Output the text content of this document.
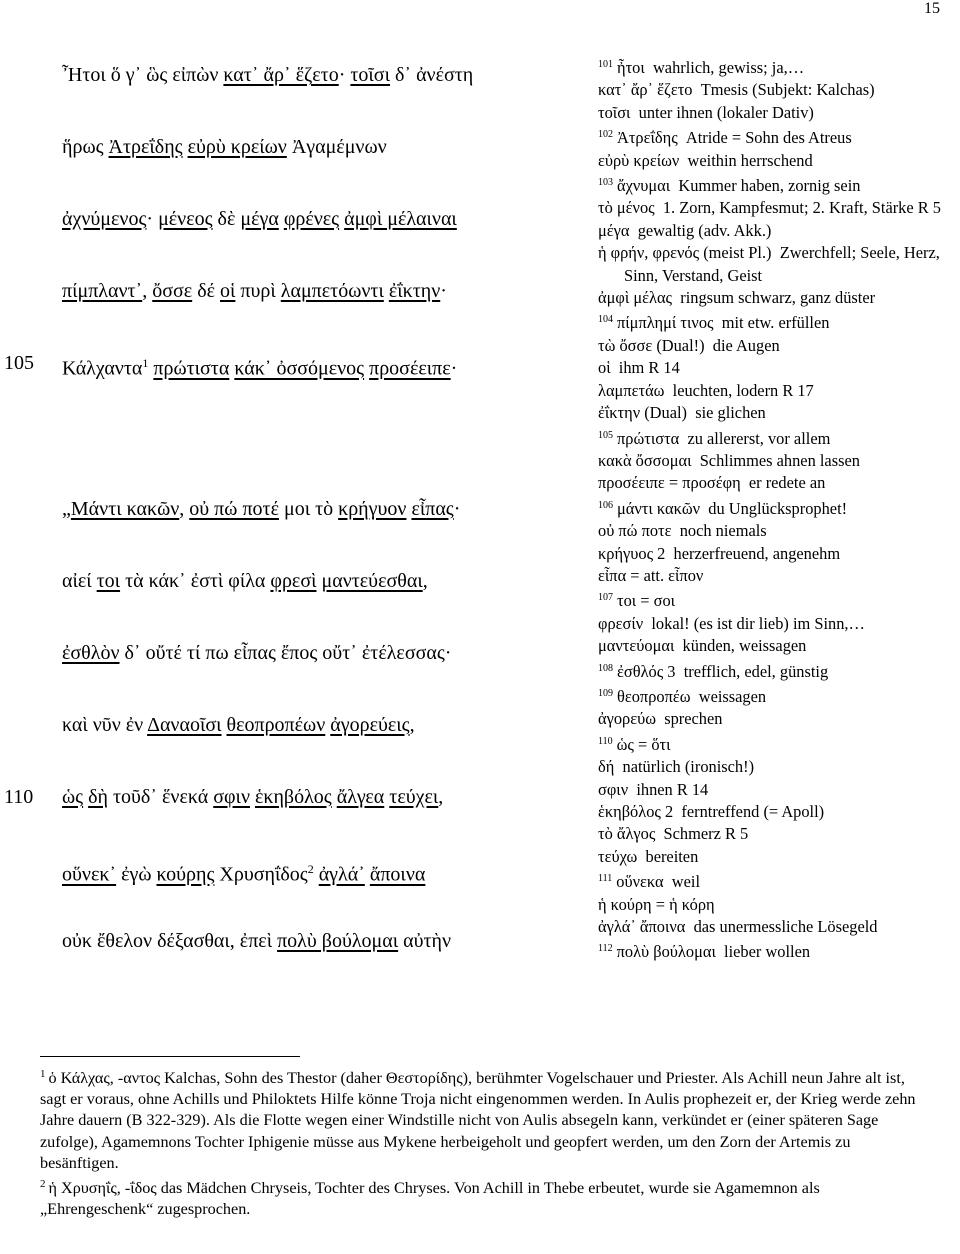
15
Ἦτοι ὅ γ᾽ ὣς εἰπὼν κατ᾽ ἄρ᾽ ἕζετο· τοῖσι δ᾽ ἀνέστη
ἥρως Ἀτρεΐδης εὐρὺ κρείων Ἀγαμέμνων
ἀχνύμενος· μένεος δὲ μέγα φρένες ἀμφὶ μέλαιναι
πίμπλαντ᾽, ὄσσε δέ οἱ πυρὶ λαμπετόωντι ἐΐκτην·
105 Κάλχαντα$^1$ πρώτιστα κάκ᾽ ὀσσόμενος προσέειπε·
„Μάντι κακῶν, οὐ πώ ποτέ μοι τὸ κρήγυον εἶπας·
αἰεί τοι τὰ κάκ᾽ ἐστὶ φίλα φρεσὶ μαντεύεσθαι,
ἐσθλὸν δ᾽ οὔτέ τί πω εἶπας ἔπος οὔτ᾽ ἐτέλεσσας·
καὶ νῦν ἐν Δαναοῖσι θεοπροπέων ἀγορεύεις,
110 ὡς δὴ τοῦδ᾽ ἕνεκά σφιν ἑκηβόλος ἄλγεα τεύχει,
οὕνεκ᾽ ἐγὼ κούρης Χρυσηΐδος$^2$ ἀγλά᾽ ἄποινα
οὐκ ἔθελον δέξασθαι, ἐπεὶ πολὺ βούλομαι αὐτὴν

$^{101}$ ἦτοι  wahrlich, gewiss; ja,…

κατ᾽ ἄρ᾽ ἕζετο  Tmesis (Subjekt: Kalchas)

τοῖσι  unter ihnen (lokaler Dativ)

$^{102}$ Ἀτρεΐδης  Atride = Sohn des Atreus

εὐρὺ κρείων  weithin herrschend

$^{103}$ ἄχνυμαι  Kummer haben, zornig sein

τὸ μένος  1. Zorn, Kampfesmut; 2. Kraft, Stärke R 5

μέγα  gewaltig (adv. Akk.)

ἡ φρήν, φρενός (meist Pl.)  Zwerchfell; Seele, Herz, Sinn, Verstand, Geist

ἀμφὶ μέλας  ringsum schwarz, ganz düster

$^{104}$ πίμπλημί τινος  mit etw. erfüllen

τὼ ὄσσε (Dual!)  die Augen

οἱ  ihm R 14

λαμπετάω  leuchten, lodern R 17

ἐΐκτην (Dual)  sie glichen

$^{105}$ πρώτιστα  zu allererst, vor allem

κακὰ ὄσσομαι  Schlimmes ahnen lassen

προσέειπε = προσέφη  er redete an

$^{106}$ μάντι κακῶν  du Unglücksprophet!

οὐ πώ ποτε  noch niemals

κρήγυος 2  herzerfreuend, angenehm

εἶπα = att. εἶπον

$^{107}$ τοι = σοι

φρεσίν  lokal! (es ist dir lieb) im Sinn,…

μαντεύομαι  künden, weissagen

$^{108}$ ἐσθλός 3  trefflich, edel, günstig

$^{109}$ θεοπροπέω  weissagen

ἀγορεύω  sprechen

$^{110}$ ὡς = ὅτι

δή  natürlich (ironisch!)

σφιν  ihnen R 14

ἑκηβόλος 2  ferntreffend (= Apoll)

τὸ ἄλγος  Schmerz R 5

τεύχω  bereiten

$^{111}$ οὕνεκα  weil

ἡ κούρη = ἡ κόρη

ἀγλά᾽ ἄποινα  das unermessliche Lösegeld

$^{112}$ πολὺ βούλομαι  lieber wollen

$^1$ ὁ Κάλχας, -αντος Kalchas, Sohn des Thestor (daher Θεστορίδης), berühmter Vogelschauer und Priester. Als Achill neun Jahre alt ist, sagt er voraus, ohne Achills und Philoktets Hilfe könne Troja nicht eingenommen werden. In Aulis prophezeit er, der Krieg werde zehn Jahre dauern (B 322-329). Als die Flotte wegen einer Windstille nicht von Aulis absegeln kann, verkündet er (einer späteren Sage zufolge), Agamemnons Tochter Iphigenie müsse aus Mykene herbeigeholt und geopfert werden, um den Zorn der Artemis zu besänftigen.

$^2$ ἡ Χρυσηΐς, -ΐδος das Mädchen Chryseis, Tochter des Chryses. Von Achill in Thebe erbeutet, wurde sie Agamemnon als „Ehrengeschenk“ zugesprochen.
